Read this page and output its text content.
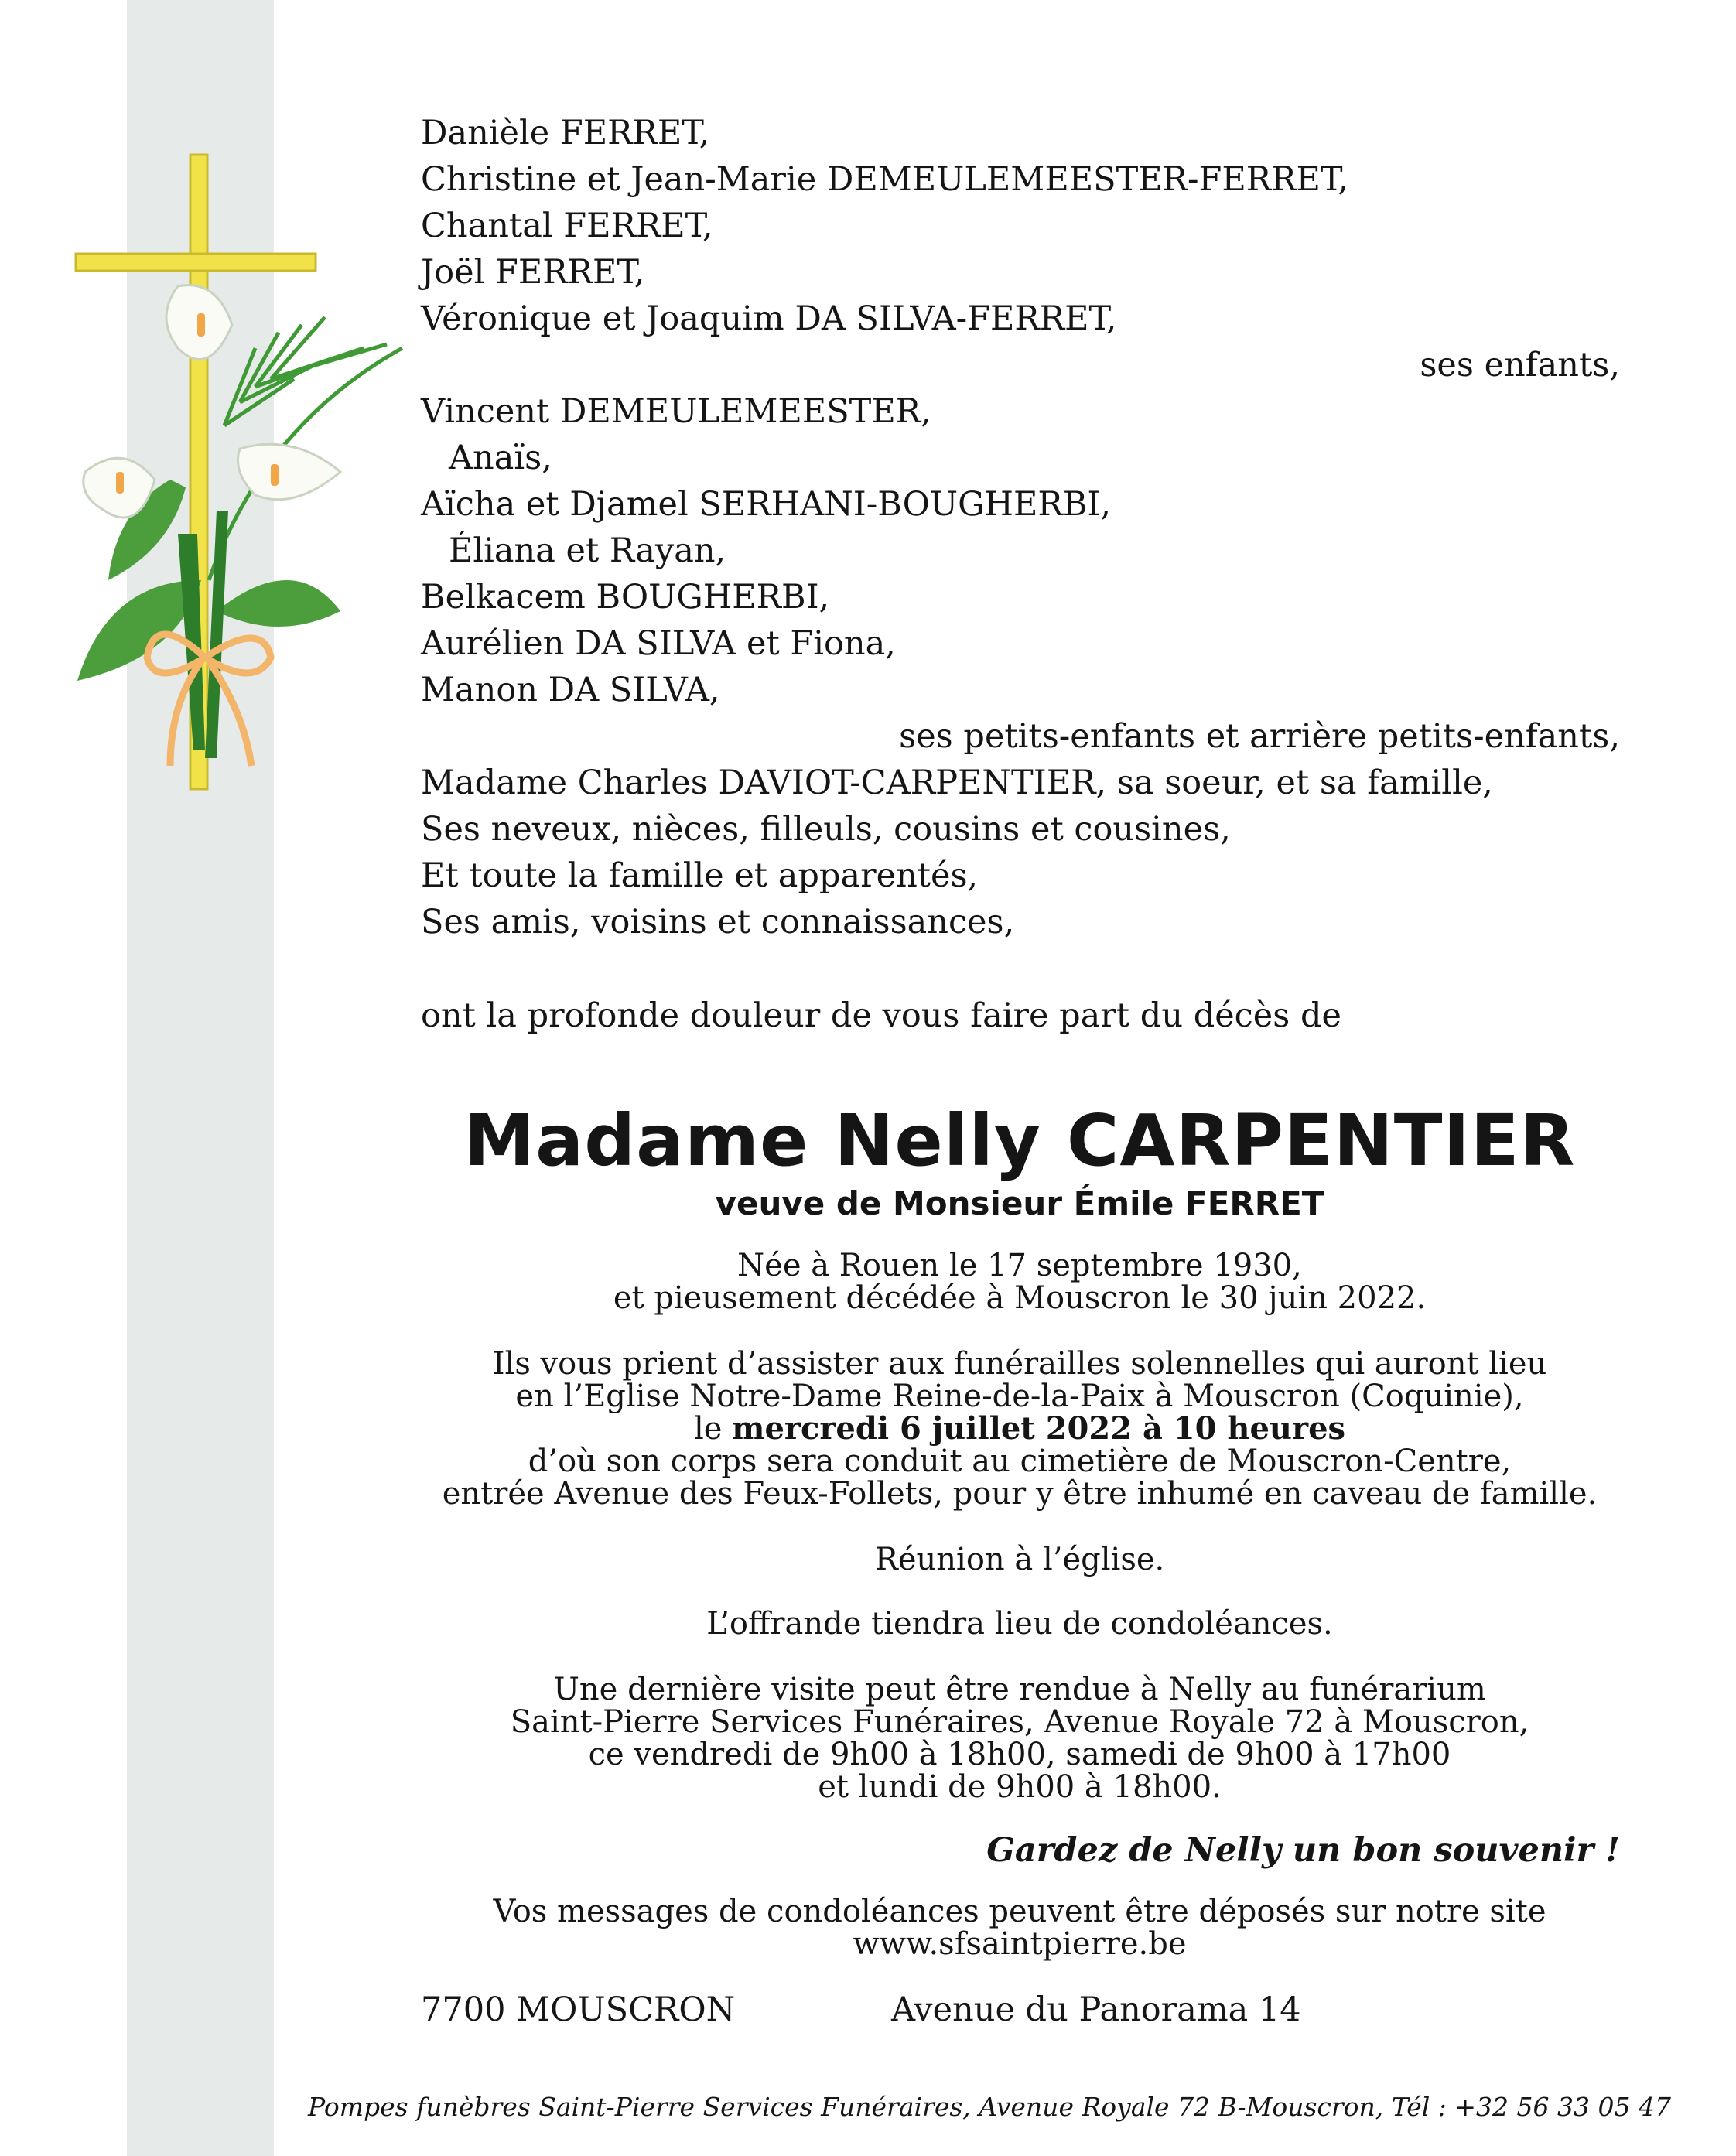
Danièle FERRET,
Christine et Jean-Marie DEMEULEMEESTER-FERRET,
Chantal FERRET,
Joël FERRET,
Véronique et Joaquim DA SILVA-FERRET,
ses enfants,
Vincent DEMEULEMEESTER,
Anaïs,
Aïcha et Djamel SERHANI-BOUGHERBI,
Éliana et Rayan,
Belkacem BOUGHERBI,
Aurélien DA SILVA et Fiona,
Manon DA SILVA,
ses petits-enfants et arrière petits-enfants,
Madame Charles DAVIOT-CARPENTIER, sa soeur, et sa famille,
Ses neveux, nièces, filleuls, cousins et cousines,
Et toute la famille et apparentés,
Ses amis, voisins et connaissances,
ont la profonde douleur de vous faire part du décès de
Madame Nelly CARPENTIER
veuve de Monsieur Émile FERRET
Née à Rouen le 17 septembre 1930,
et pieusement décédée à Mouscron le 30 juin 2022.
Ils vous prient d’assister aux funérailles solennelles qui auront lieu
en l’Eglise Notre-Dame Reine-de-la-Paix à Mouscron (Coquinie),
le mercredi 6 juillet 2022 à 10 heures
d’où son corps sera conduit au cimetière de Mouscron-Centre,
entrée Avenue des Feux-Follets, pour y être inhumé en caveau de famille.
Réunion à l’église.
L’offrande tiendra lieu de condoléances.
Une dernière visite peut être rendue à Nelly au funérarium
Saint-Pierre Services Funéraires, Avenue Royale 72 à Mouscron,
ce vendredi de 9h00 à 18h00, samedi de 9h00 à 17h00
et lundi de 9h00 à 18h00.
Gardez de Nelly un bon souvenir !
Vos messages de condoléances peuvent être déposés sur notre site
www.sfsaintpierre.be
7700 MOUSCRON	Avenue du Panorama 14
Pompes funèbres Saint-Pierre Services Funéraires, Avenue Royale 72 B-Mouscron, Tél : +32 56 33 05 47
